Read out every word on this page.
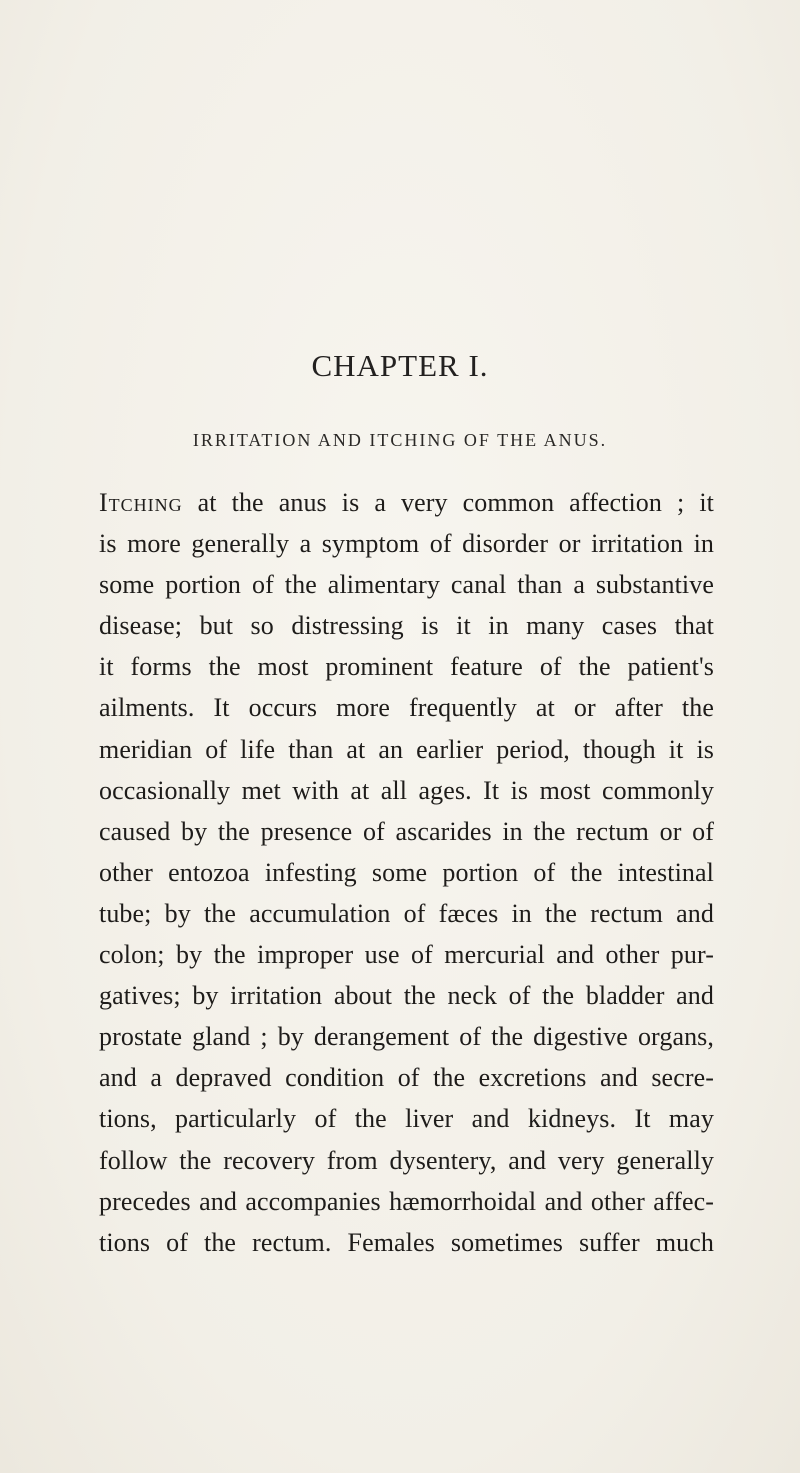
CHAPTER I.
IRRITATION AND ITCHING OF THE ANUS.
Itching at the anus is a very common affection ; it
is more generally a symptom of disorder or irritation in
some portion of the alimentary canal than a substantive
disease; but so distressing is it in many cases that
it forms the most prominent feature of the patient's
ailments. It occurs more frequently at or after the
meridian of life than at an earlier period, though it is
occasionally met with at all ages. It is most commonly
caused by the presence of ascarides in the rectum or of
other entozoa infesting some portion of the intestinal
tube; by the accumulation of fæces in the rectum and
colon; by the improper use of mercurial and other pur-
gatives; by irritation about the neck of the bladder and
prostate gland ; by derangement of the digestive organs,
and a depraved condition of the excretions and secre-
tions, particularly of the liver and kidneys. It may
follow the recovery from dysentery, and very generally
precedes and accompanies hæmorrhoidal and other affec-
tions of the rectum. Females sometimes suffer much
